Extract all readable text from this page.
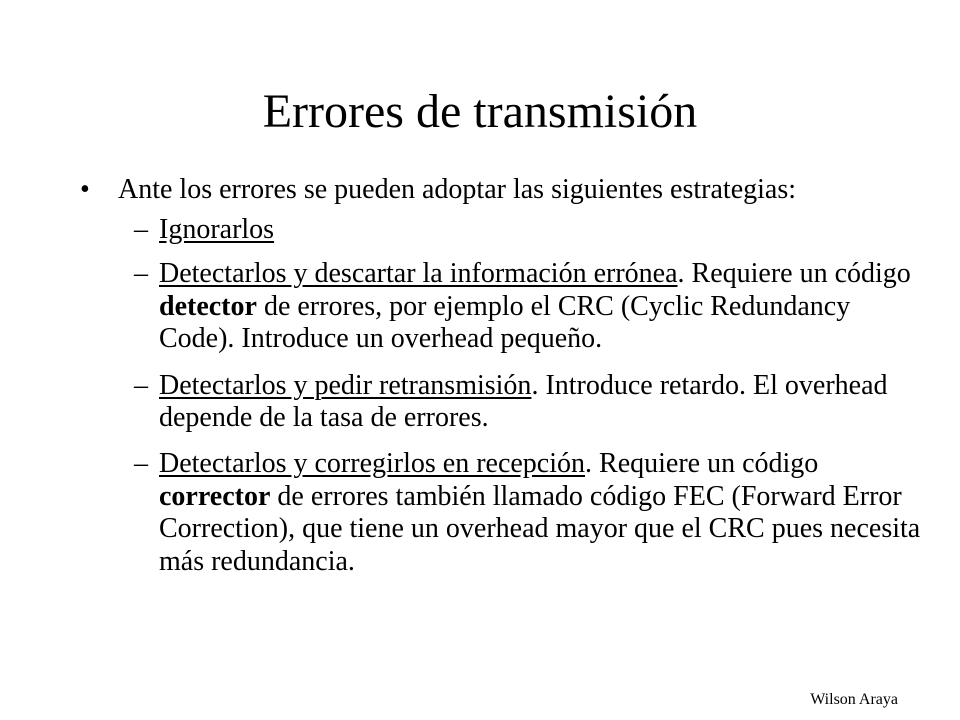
Errores de transmisión
• Ante los errores se pueden adoptar las siguientes estrategias:
– Ignorarlos
– Detectarlos y descartar la información errónea. Requiere un código detector de errores, por ejemplo el CRC (Cyclic Redundancy Code). Introduce un overhead pequeño.
– Detectarlos y pedir retransmisión. Introduce retardo. El overhead depende de la tasa de errores.
– Detectarlos y corregirlos en recepción. Requiere un código corrector de errores también llamado código FEC (Forward Error Correction), que tiene un overhead mayor que el CRC pues necesita más redundancia.
Wilson Araya
